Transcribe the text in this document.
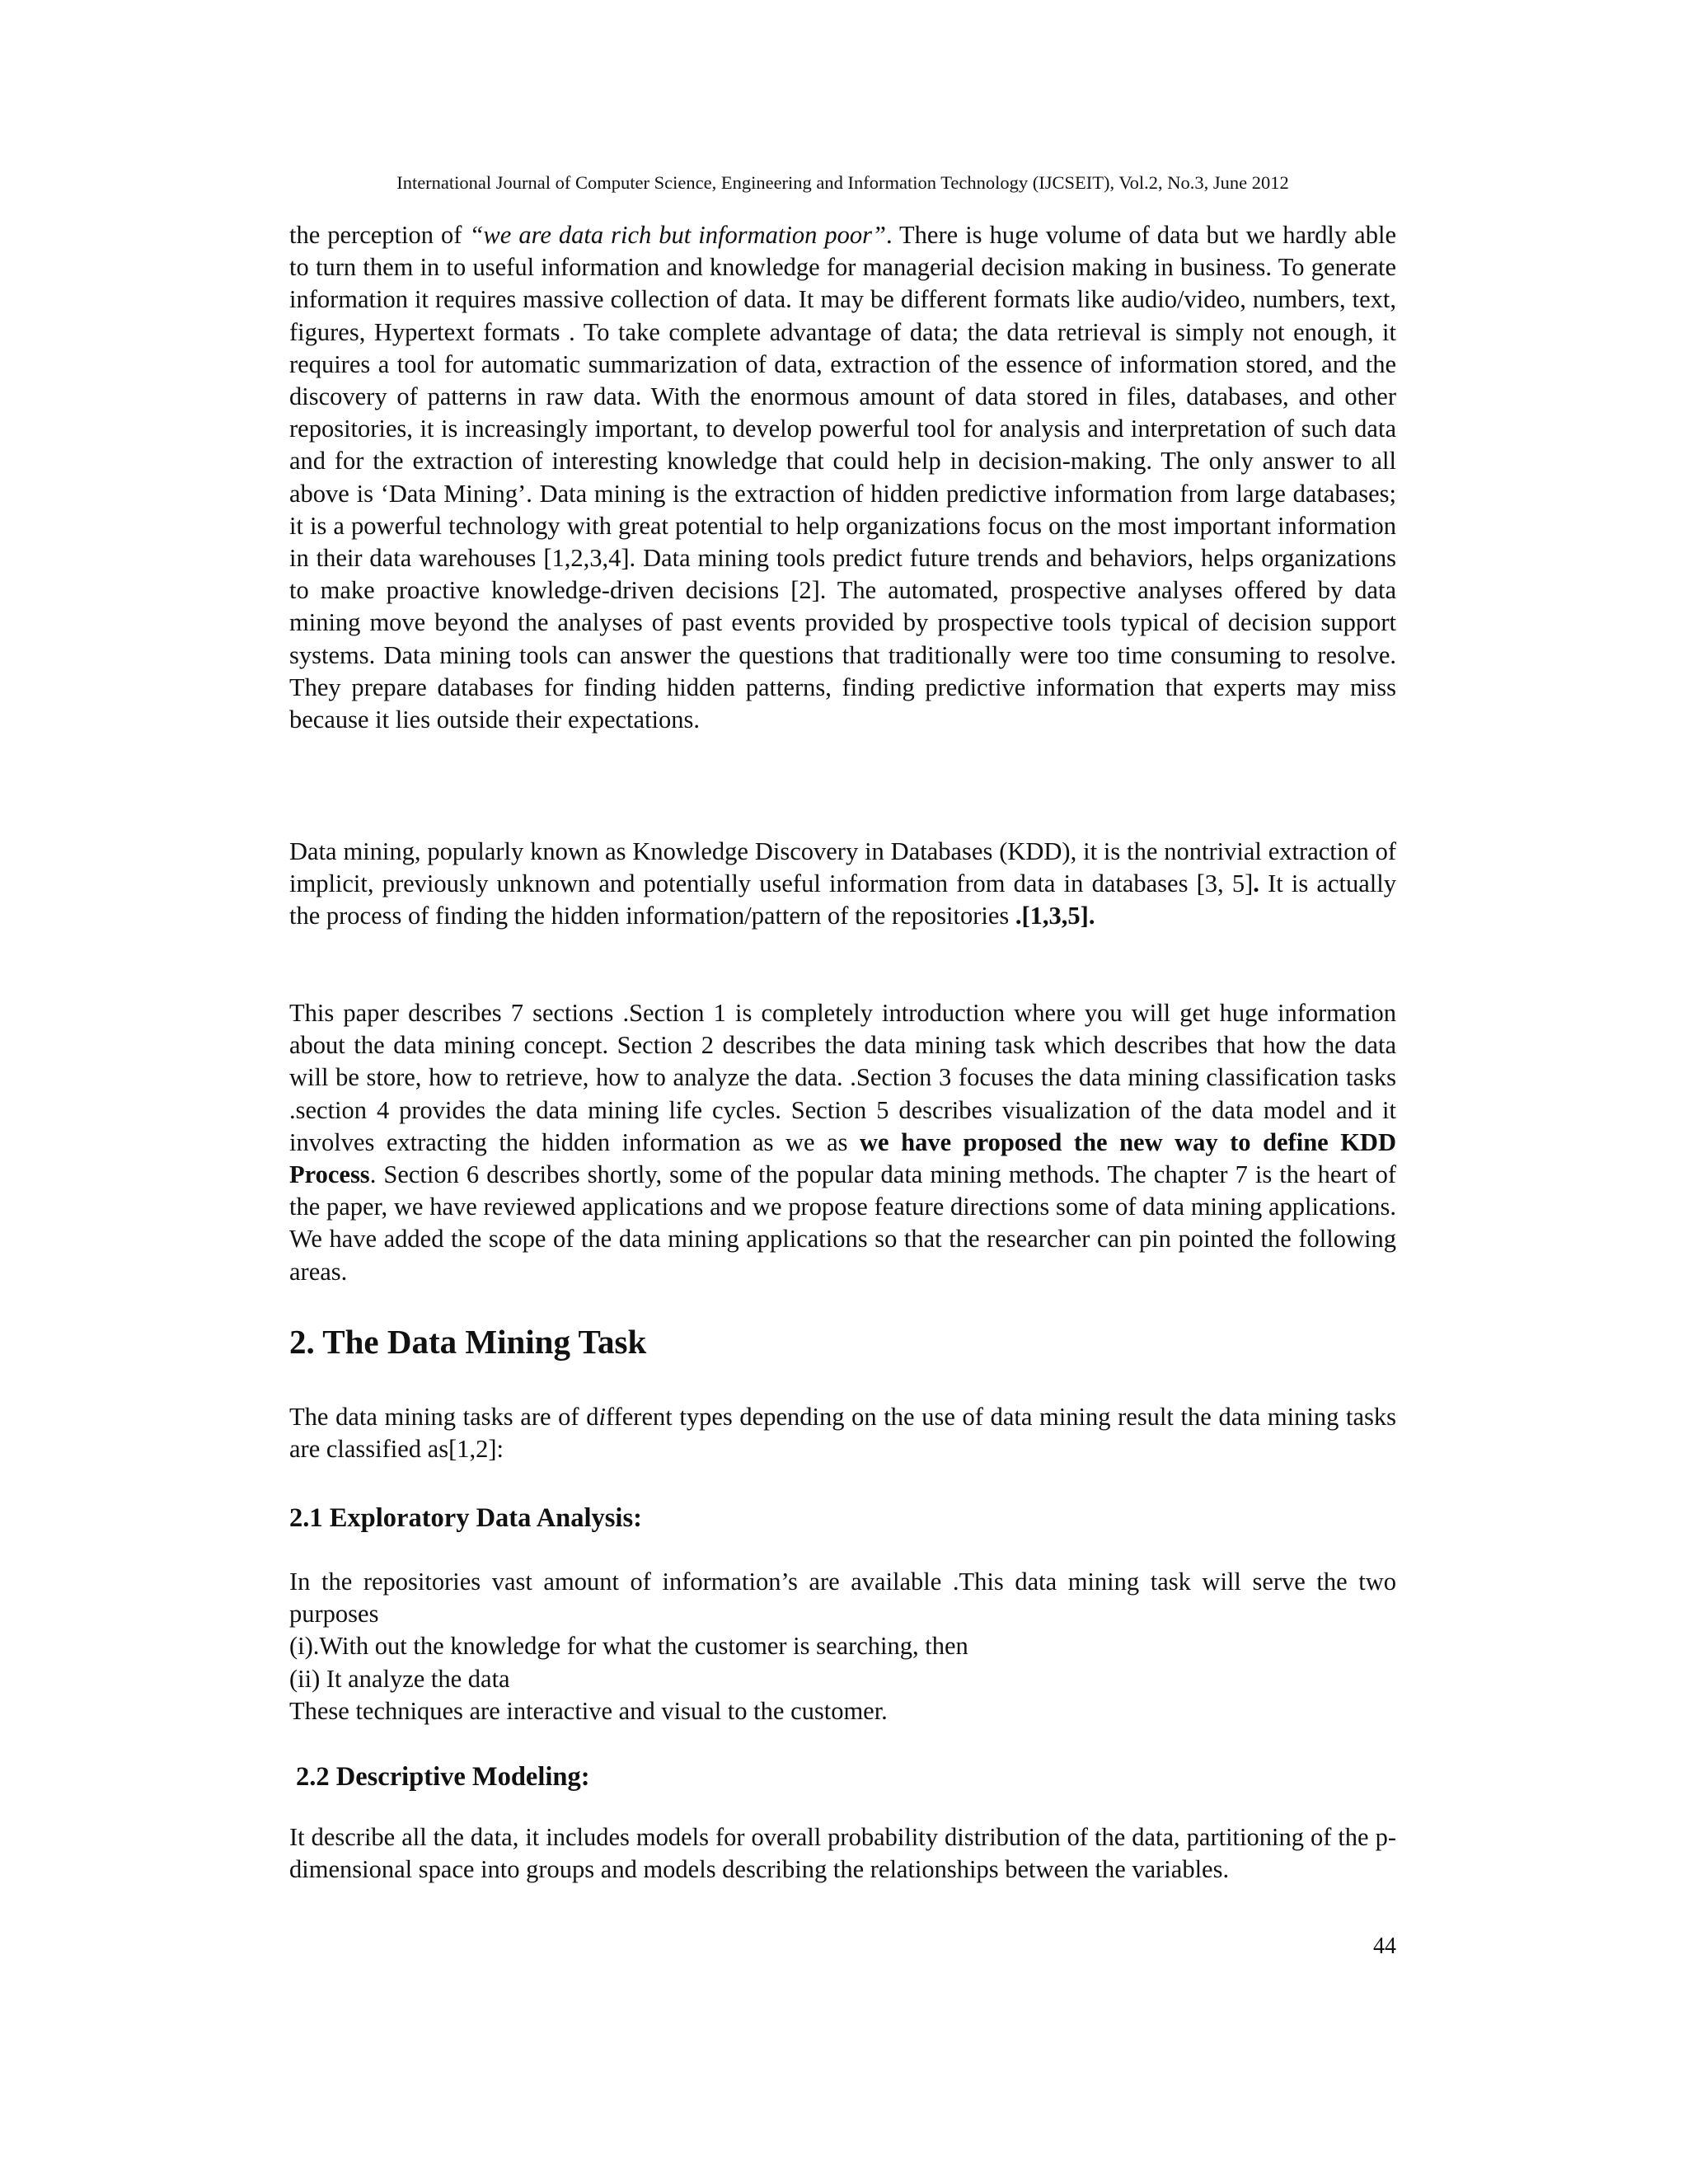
International Journal of Computer Science, Engineering and Information Technology (IJCSEIT), Vol.2, No.3, June 2012

the perception of “we are data rich but information poor”. There is huge volume of data but we hardly able to turn them in to useful information and knowledge for managerial decision making in business. To generate information it requires massive collection of data. It may be different formats like audio/video, numbers, text, figures, Hypertext formats . To take complete advantage of data; the data retrieval is simply not enough, it requires a tool for automatic summarization of data, extraction of the essence of information stored, and the discovery of patterns in raw data. With the enormous amount of data stored in files, databases, and other repositories, it is increasingly important, to develop powerful tool for analysis and interpretation of such data and for the extraction of interesting knowledge that could help in decision-making. The only answer to all above is ‘Data Mining’. Data mining is the extraction of hidden predictive information from large databases; it is a powerful technology with great potential to help organizations focus on the most important information in their data warehouses [1,2,3,4]. Data mining tools predict future trends and behaviors, helps organizations to make proactive knowledge-driven decisions [2]. The automated, prospective analyses offered by data mining move beyond the analyses of past events provided by prospective tools typical of decision support systems. Data mining tools can answer the questions that traditionally were too time consuming to resolve. They prepare databases for finding hidden patterns, finding predictive information that experts may miss because it lies outside their expectations.

Data mining, popularly known as Knowledge Discovery in Databases (KDD), it is the nontrivial extraction of implicit, previously unknown and potentially useful information from data in databases [3, 5]. It is actually the process of finding the hidden information/pattern of the repositories .[1,3,5].

This paper describes 7 sections .Section 1 is completely introduction where you will get huge information about the data mining concept. Section 2 describes the data mining task which describes that how the data will be store, how to retrieve, how to analyze the data. .Section 3 focuses the data mining classification tasks .section 4 provides the data mining life cycles. Section 5 describes visualization of the data model and it involves extracting the hidden information as we as we have proposed the new way to define KDD Process. Section 6 describes shortly, some of the popular data mining methods. The chapter 7 is the heart of the paper, we have reviewed applications and we propose feature directions some of data mining applications. We have added the scope of the data mining applications so that the researcher can pin pointed the following areas.

2. The Data Mining Task

The data mining tasks are of different types depending on the use of data mining result the data mining tasks are classified as[1,2]:

2.1 Exploratory Data Analysis:

In the repositories vast amount of information’s are available .This data mining task will serve the two purposes

(i).With out the knowledge for what the customer is searching, then

(ii) It analyze the data

These techniques are interactive and visual to the customer.

2.2 Descriptive Modeling:

It describe all the data, it includes models for overall probability distribution of the data, partitioning of the p-dimensional space into groups and models describing the relationships between the variables.

44
